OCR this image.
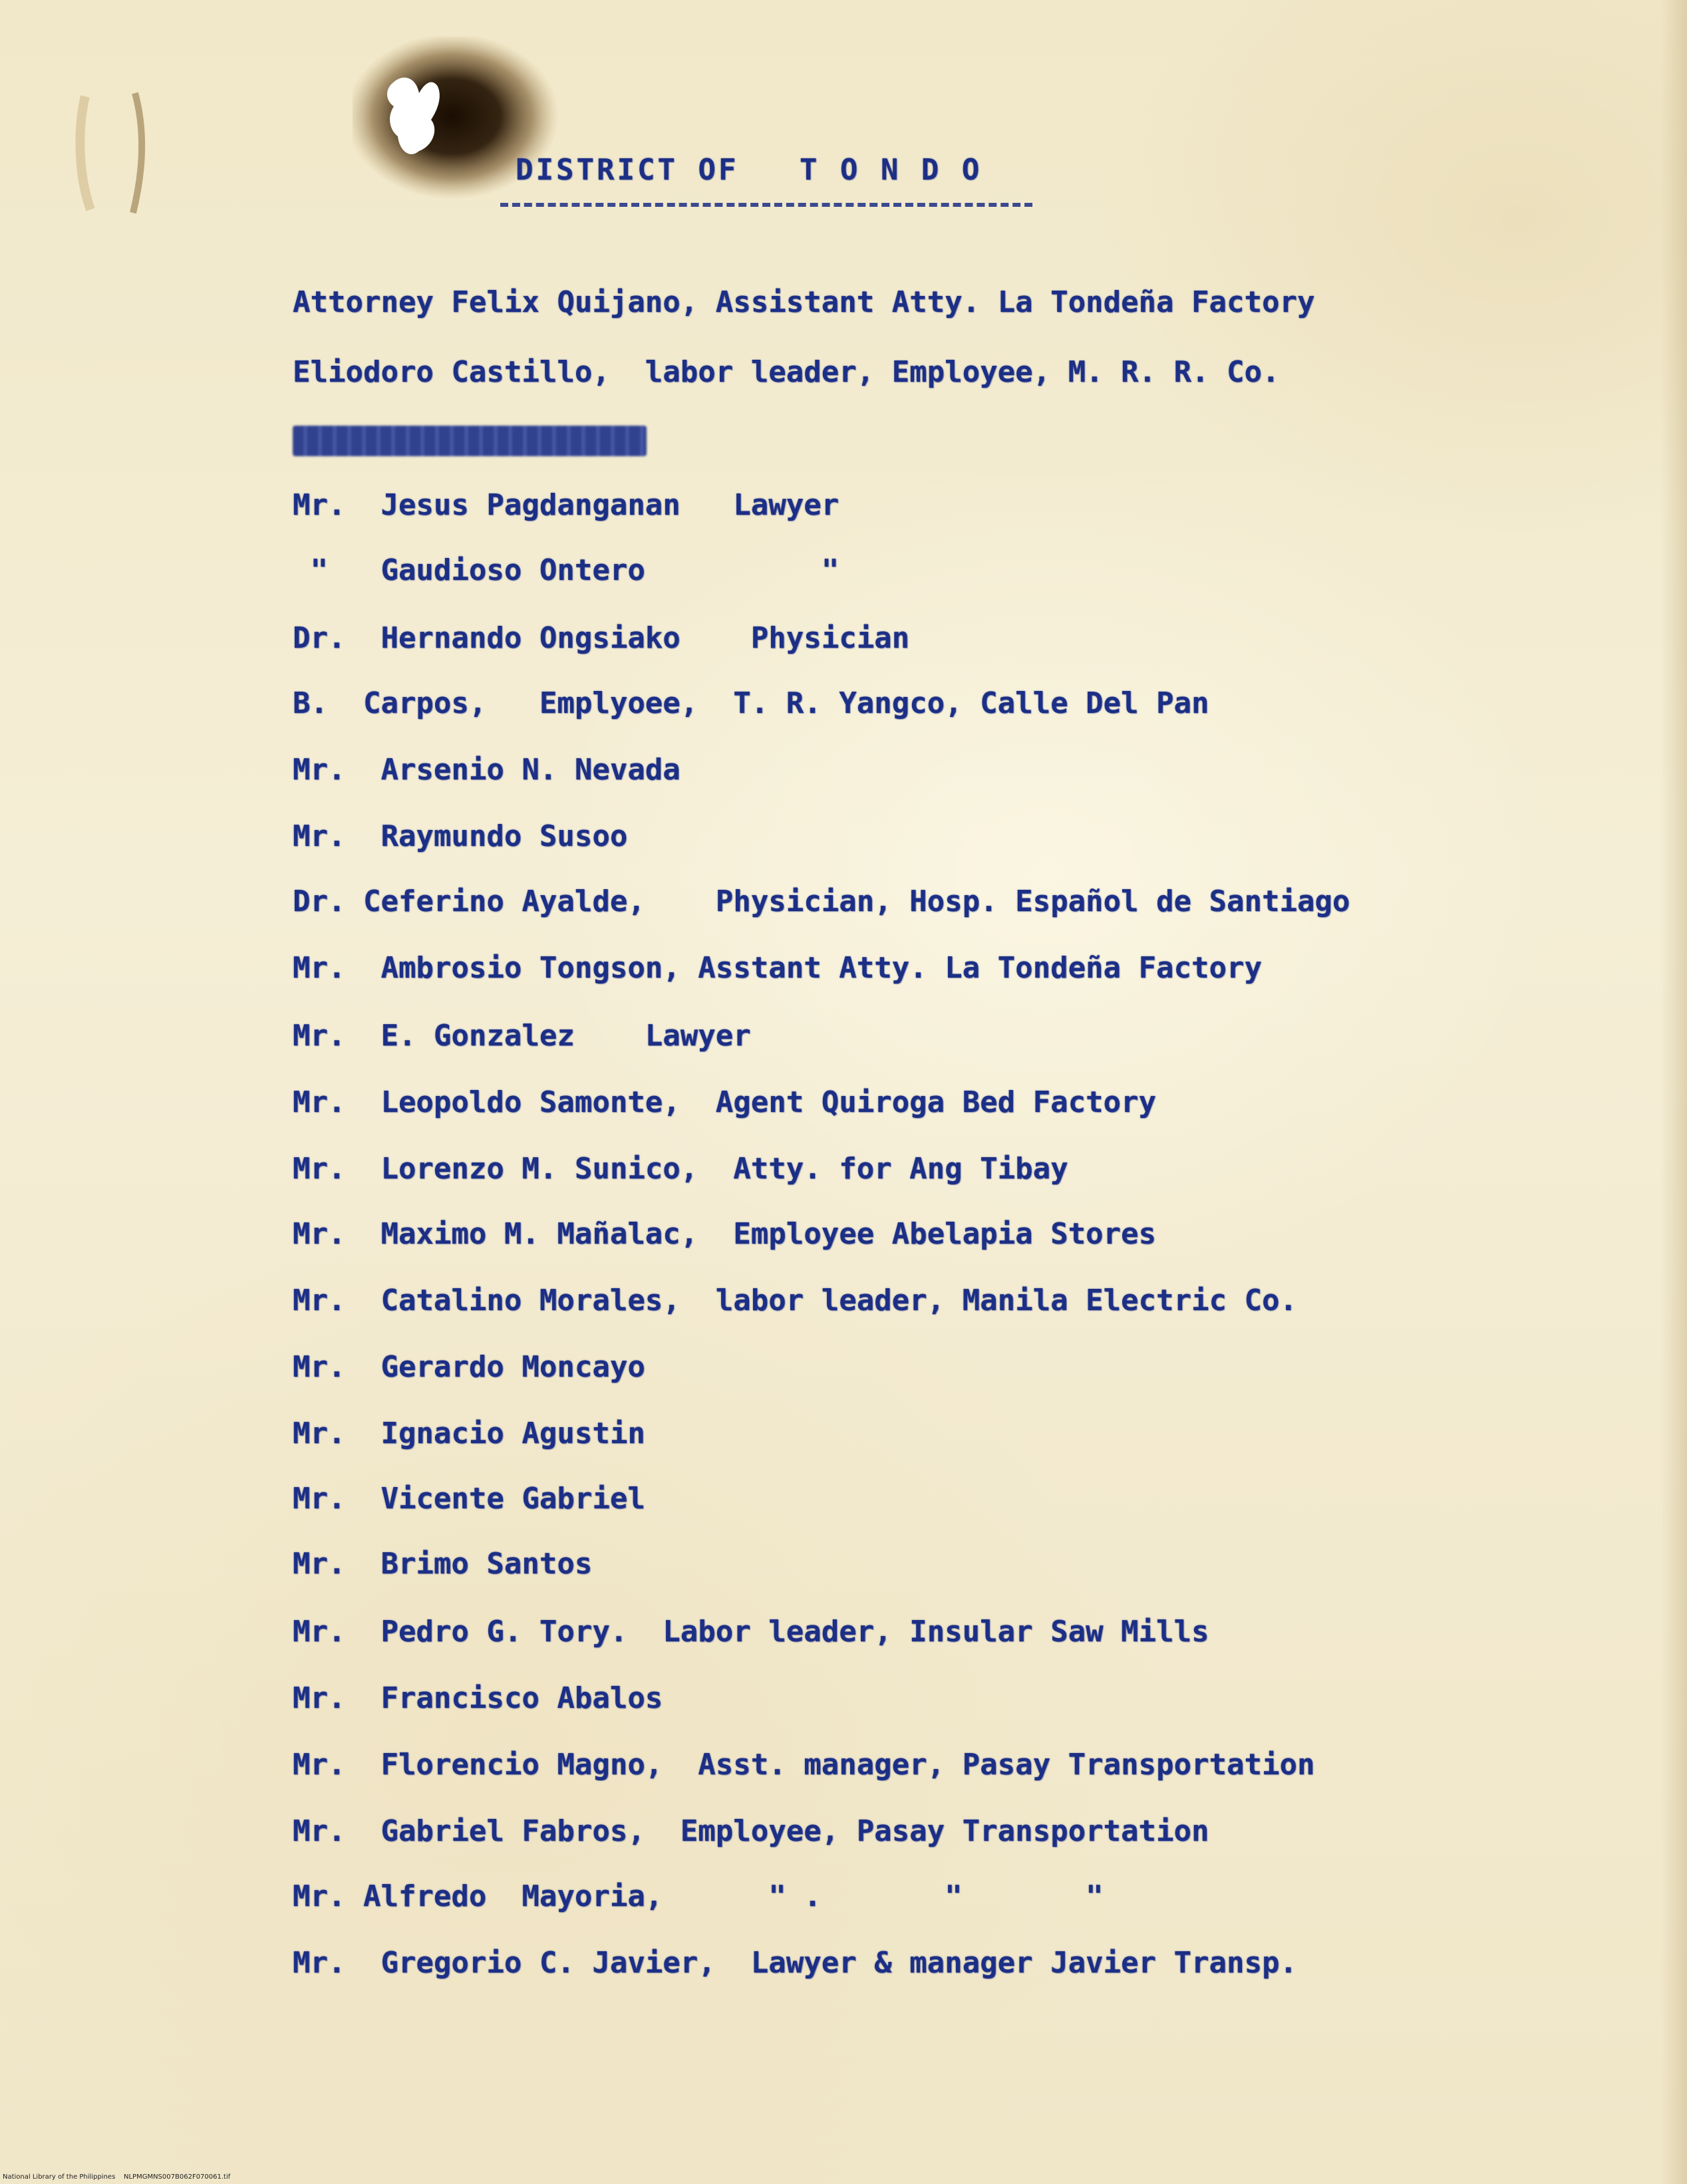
DISTRICT OF   T O N D O
Attorney Felix Quijano, Assistant Atty. La Tondeña Factory
Eliodoro Castillo,  labor leader, Employee, M. R. R. Co.
Mr.  Jesus Pagdanganan   Lawyer
"   Gaudioso Ontero          "
Dr.  Hernando Ongsiako    Physician
B.  Carpos,   Emplyoee,  T. R. Yangco, Calle Del Pan
Mr.  Arsenio N. Nevada
Mr.  Raymundo Susoo
Dr. Ceferino Ayalde,    Physician, Hosp. Español de Santiago
Mr.  Ambrosio Tongson, Asstant Atty. La Tondeña Factory
Mr.  E. Gonzalez    Lawyer
Mr.  Leopoldo Samonte,  Agent Quiroga Bed Factory
Mr.  Lorenzo M. Sunico,  Atty. for Ang Tibay
Mr.  Maximo M. Mañalac,  Employee Abelapia Stores
Mr.  Catalino Morales,  labor leader, Manila Electric Co.
Mr.  Gerardo Moncayo
Mr.  Ignacio Agustin
Mr.  Vicente Gabriel
Mr.  Brimo Santos
Mr.  Pedro G. Tory.  Labor leader, Insular Saw Mills
Mr.  Francisco Abalos
Mr.  Florencio Magno,  Asst. manager, Pasay Transportation
Mr.  Gabriel Fabros,  Employee, Pasay Transportation
Mr. Alfredo  Mayoria,      " .       "       "
Mr.  Gregorio C. Javier,  Lawyer & manager Javier Transp.
National Library of the Philippines    NLPMGMNS007B062F070061.tif
